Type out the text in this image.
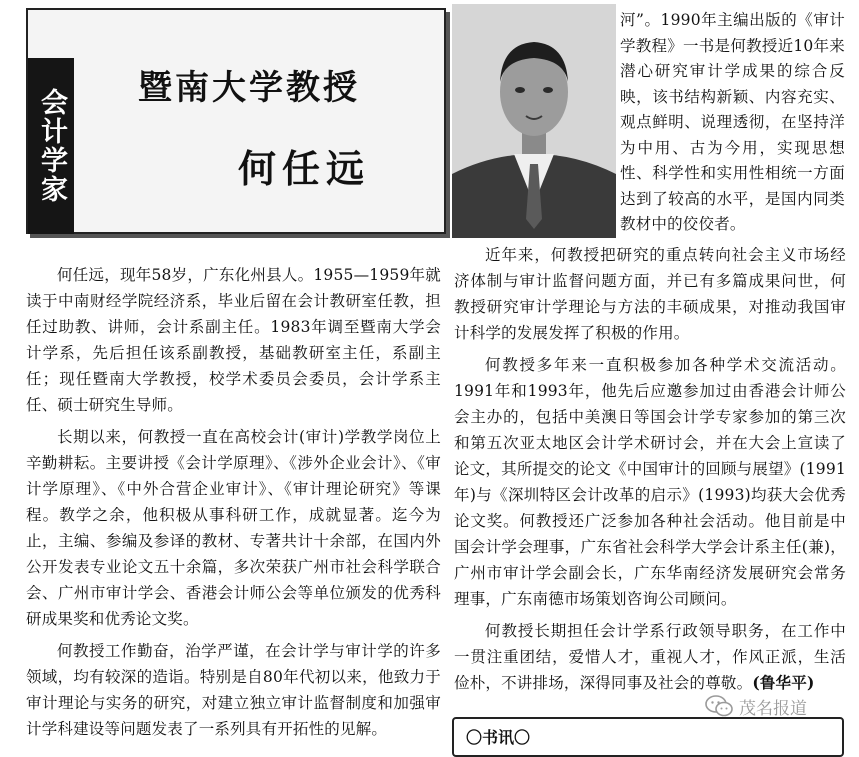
会计学家 暨南大学教授
何任远

河”。1990年主编出版的《审计学教程》一书是何教授近10年来潜心研究审计学成果的综合反映，该书结构新颖、内容充实、观点鲜明、说理透彻，在坚持洋为中用、古为今用，实现思想性、科学性和实用性相统一方面达到了较高的水平，是国内同类教材中的佼佼者。

何任远，现年58岁，广东化州县人。1955—1959年就读于中南财经学院经济系，毕业后留在会计教研室任教，担任过助教、讲师，会计系副主任。1983年调至暨南大学会计学系，先后担任该系副教授，基础教研室主任，系副主任；现任暨南大学教授，校学术委员会委员，会计学系主任、硕士研究生导师。

长期以来，何教授一直在高校会计(审计)学教学岗位上辛勤耕耘。主要讲授《会计学原理》、《涉外企业会计》、《审计学原理》、《中外合营企业审计》、《审计理论研究》等课程。教学之余，他积极从事科研工作，成就显著。迄今为止，主编、参编及参译的教材、专著共计十余部，在国内外公开发表专业论文五十余篇，多次荣获广州市社会科学联合会、广州市审计学会、香港会计师公会等单位颁发的优秀科研成果奖和优秀论文奖。

何教授工作勤奋，治学严谨，在会计学与审计学的许多领域，均有较深的造诣。特别是自80年代初以来，他致力于审计理论与实务的研究，对建立独立审计监督制度和加强审计学科建设等问题发表了一系列具有开拓性的见解。

近年来，何教授把研究的重点转向社会主义市场经济体制与审计监督问题方面，并已有多篇成果问世，何教授研究审计学理论与方法的丰硕成果，对推动我国审计科学的发展发挥了积极的作用。

何教授多年来一直积极参加各种学术交流活动。1991年和1993年，他先后应邀参加过由香港会计师公会主办的，包括中美澳日等国会计学专家参加的第三次和第五次亚太地区会计学术研讨会，并在大会上宣读了论文，其所提交的论文《中国审计的回顾与展望》(1991年)与《深圳特区会计改革的启示》(1993)均获大会优秀论文奖。何教授还广泛参加各种社会活动。他目前是中国会计学会理事，广东省社会科学大学会计系主任(兼)，广州市审计学会副会长，广东华南经济发展研究会常务理事，广东南德市场策划咨询公司顾问。

何教授长期担任会计学系行政领导职务，在工作中一贯注重团结，爱惜人才，重视人才，作风正派，生活俭朴，不讲排场，深得同事及社会的尊敬。(鲁华平)

〇书讯〇
茂名报道
